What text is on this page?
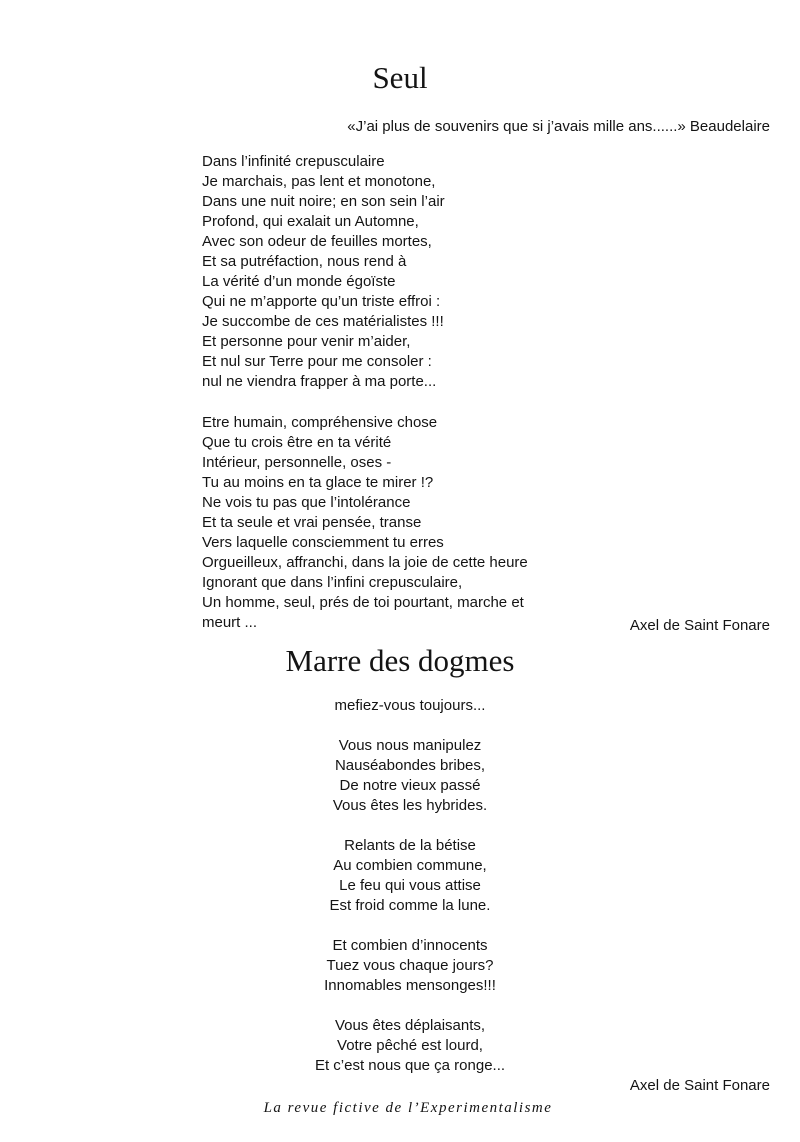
Seul

«J’ai plus de souvenirs que si j’avais mille ans......» Beaudelaire

Dans l’infinité crepusculaire
Je marchais, pas lent et monotone,
Dans une nuit noire; en son sein l’air
Profond, qui exalait un Automne,
Avec son odeur de feuilles mortes,
Et sa putréfaction, nous rend à
La vérité d’un monde égoïste
Qui ne m’apporte qu’un triste effroi :
Je succombe de ces matérialistes !!!
Et personne pour venir m’aider,
Et nul sur Terre pour me consoler :
nul ne viendra frapper à ma porte...
Etre humain, compréhensive chose
Que tu crois être en ta vérité
Intérieur, personnelle, oses -
Tu au moins en ta glace te mirer !?
Ne vois tu pas que l’intolérance
Et ta seule et vrai pensée, transe
Vers laquelle consciemment tu erres
Orgueilleux, affranchi, dans la joie de cette heure
Ignorant que dans l’infini crepusculaire,
Un homme, seul, prés de toi pourtant, marche et
meurt ...	Axel de Saint Fonare

Marre des dogmes

mefiez-vous toujours...

Vous nous manipulez
Nauséabondes bribes,
De notre vieux passé
Vous êtes les hybrides.
Relants de la bétise
Au combien commune,
Le feu qui vous attise
Est froid comme la lune.
Et combien d’innocents
Tuez vous chaque jours?
Innomables mensonges!!!
Vous êtes déplaisants,
Votre pêché est lourd,
Et c’est nous que ça ronge...

Axel de Saint Fonare

La revue fictive de l’Experimentalisme
